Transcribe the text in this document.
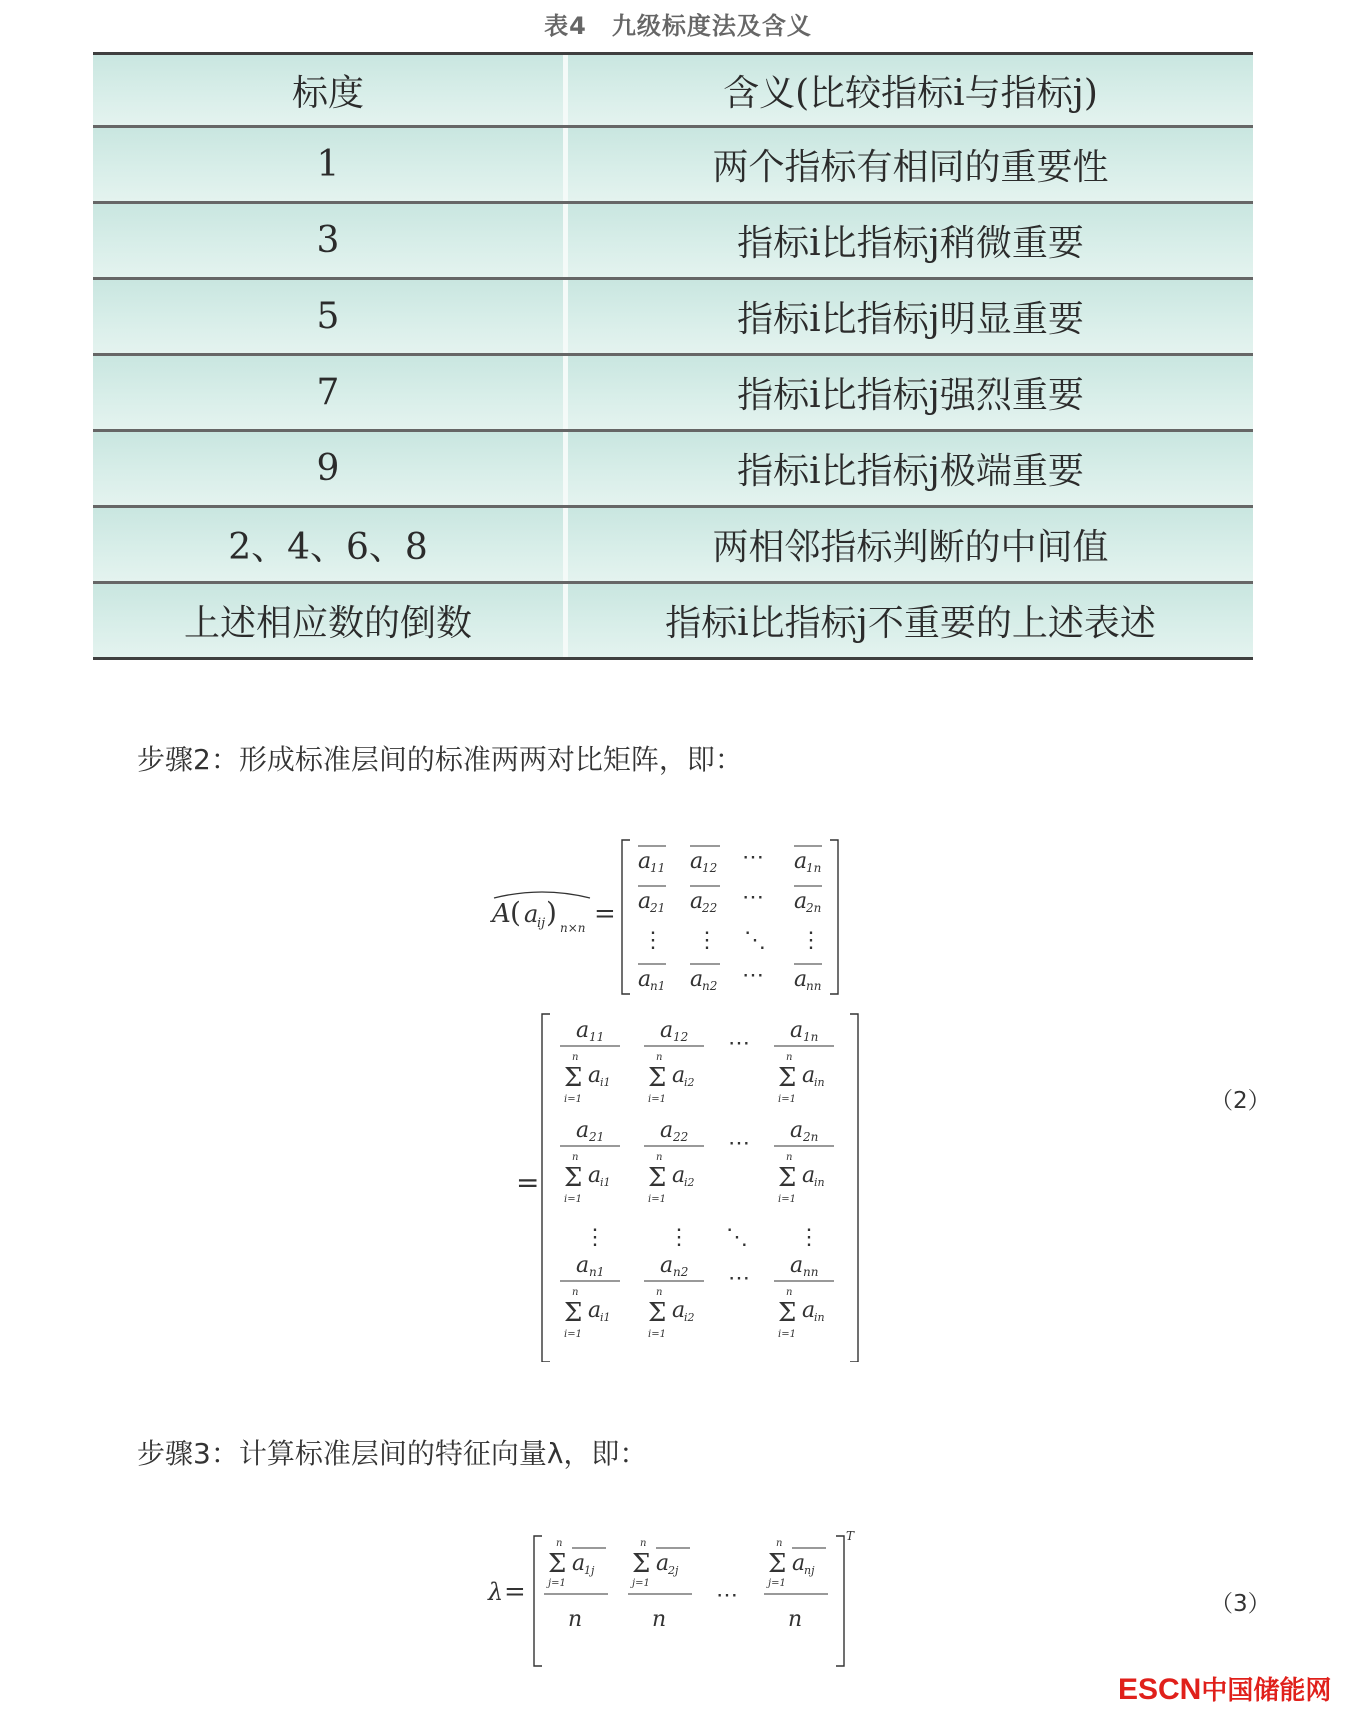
表4　九级标度法及含义
标度	含义(比较指标i与指标j)
1	两个指标有相同的重要性
3	指标i比指标j稍微重要
5	指标i比指标j明显重要
7	指标i比指标j强烈重要
9	指标i比指标j极端重要
2、4、6、8	两相邻指标判断的中间值
上述相应数的倒数	指标i比指标j不重要的上述表述
步骤2：形成标准层间的标准两两对比矩阵，即：
A ( a
ij ) n×n =
a
11 a
12 ⋯ a
1n
a
21 a
22 ⋯ a
2n
⋮ ⋮ ⋱ ⋮
a
n1 a
n2 ⋯ a
nn
=
a 11
n
Σ a
i1
i=1
a 12
n
Σ a
i2
i=1
⋯
a 1n
n
Σ a
in
i=1
a 21
n
Σ a
i1
i=1
a 22
n
Σ a
i2
i=1
⋯
a 2n
n
Σ a
in
i=1
⋮	⋮ ⋱ ⋮
a n1
n
Σ a
i1
i=1
a n2
n
Σ a
i2
i=1
⋯
a nn
n
Σ a
in
i=1
（2）
步骤3：计算标准层间的特征向量λ，即：
λ =
T
n
Σ a
1j
j=1
n
n
Σ a
2j
j=1
n
⋯
n
Σ a
nj
j=1
n
（3）
ESCN中国储能网
